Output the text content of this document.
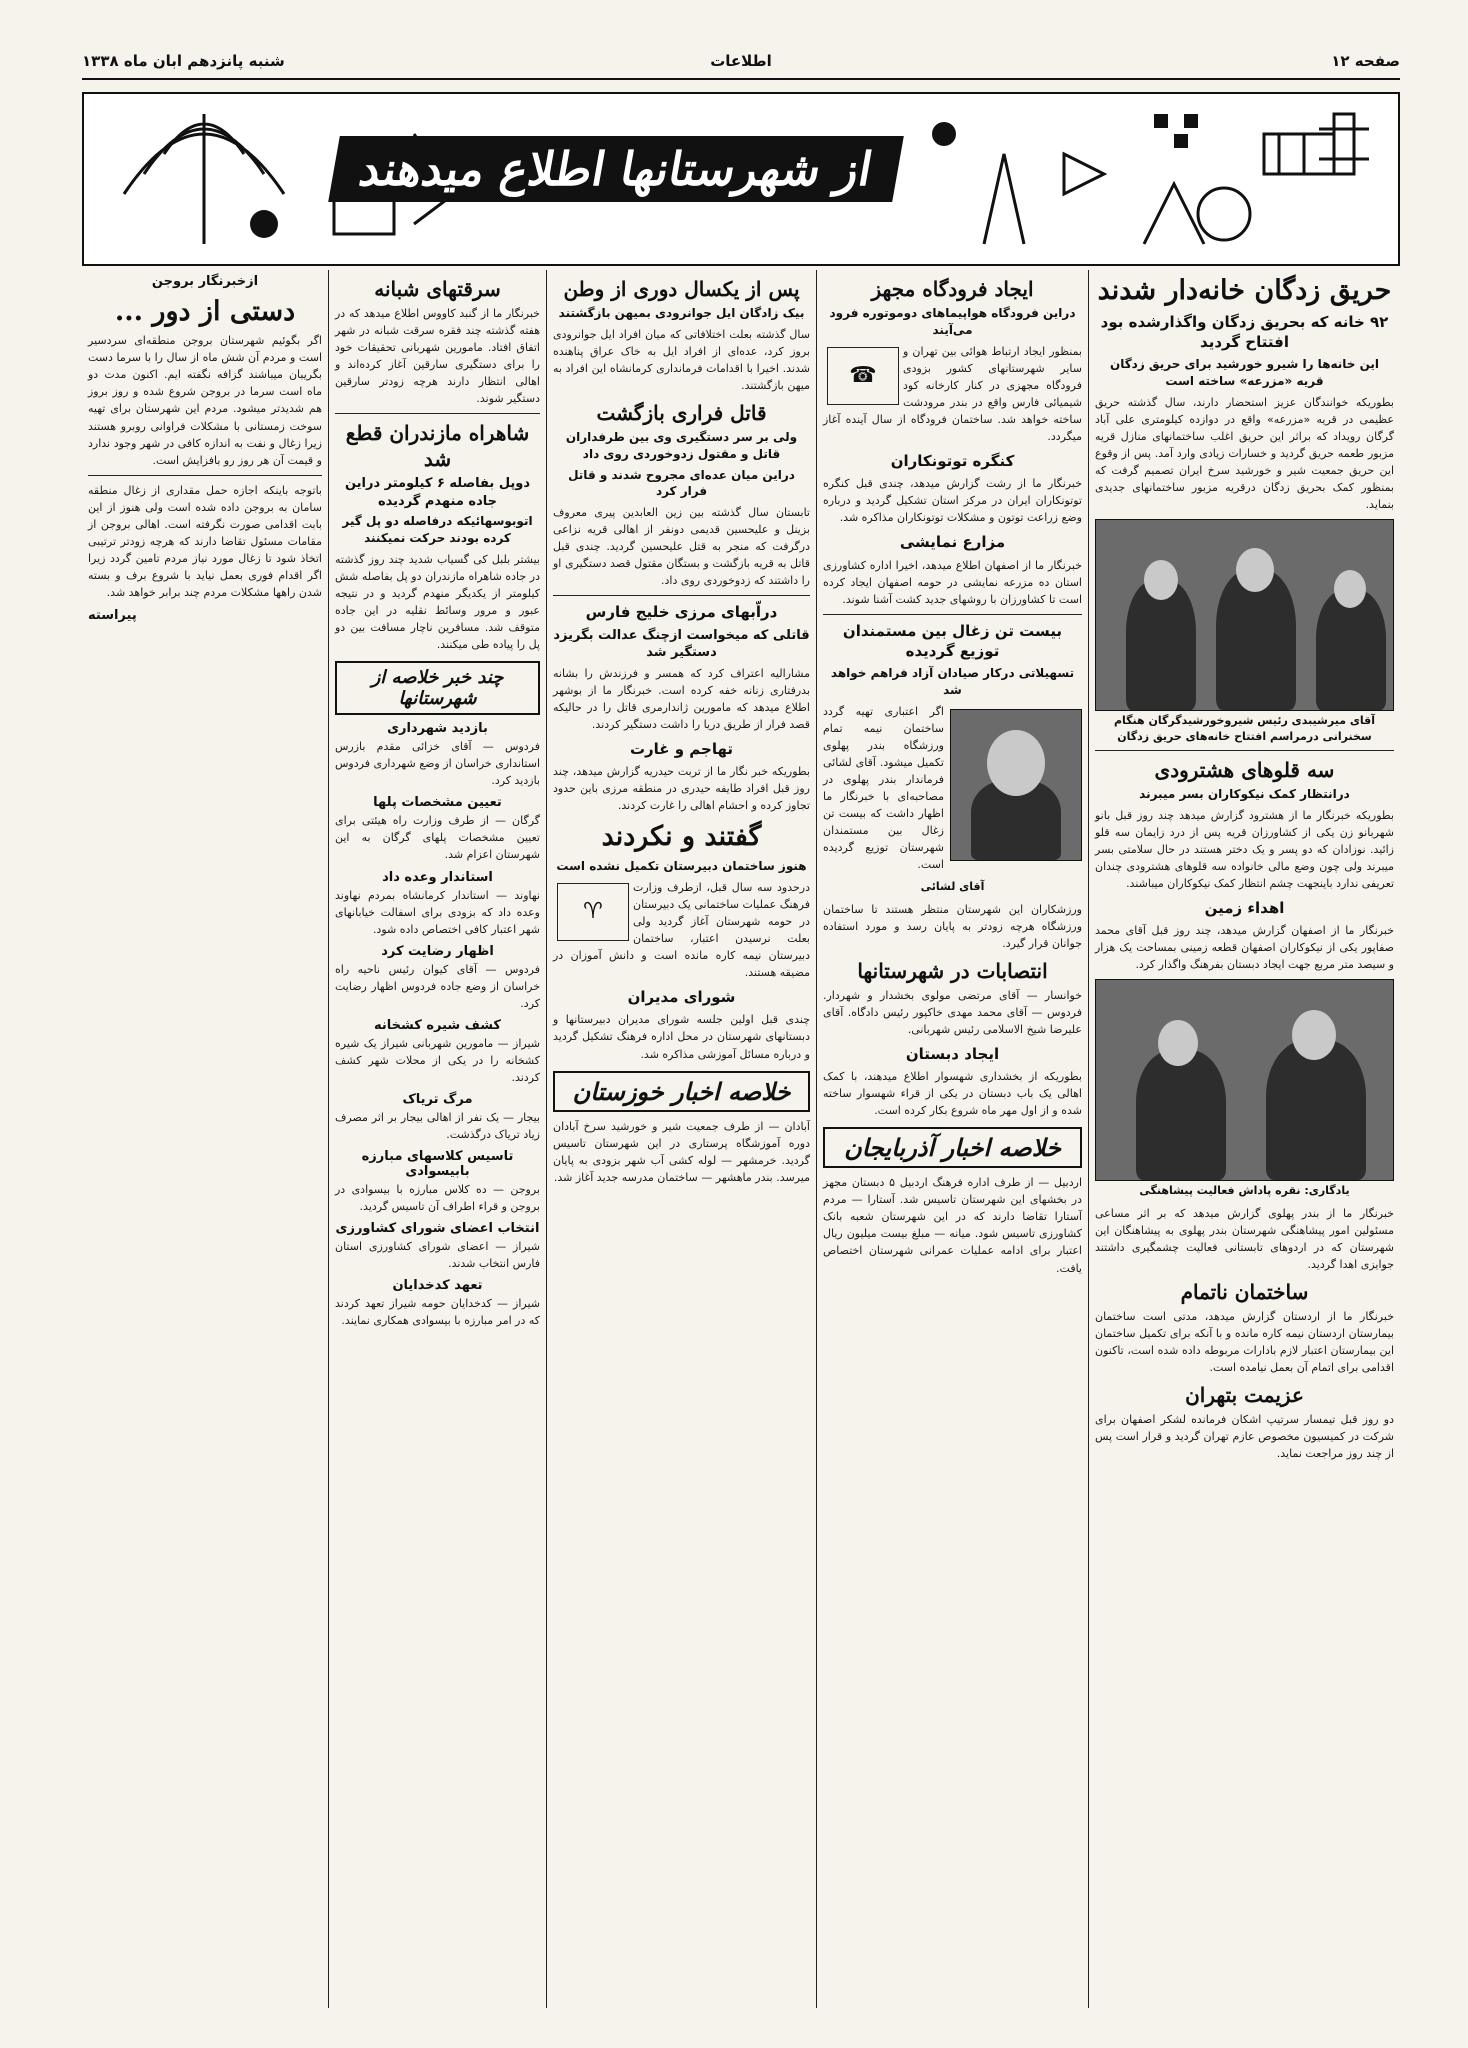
صفحه ۱۲
اطلاعات
شنبه پانزدهم ابان ماه ۱۳۳۸
از شهرستانها اطلاع میدهند
حریق زدگان خانه‌دار شدند
۹۲ خانه که بحریق زدگان واگذارشده بود افتتاح گردید
این خانه‌ها را شیرو خورشید برای حریق زدگان قریه «مزرعه» ساخته است

بطوریکه خوانندگان عزیز استحضار دارند، سال گذشته حریق عظیمی در قریه «مزرعه» واقع در دوازده کیلومتری علی آباد گرگان رویداد که براثر این حریق اغلب ساختمانهای منازل قریه مزبور طعمه حریق گردید و خسارات زیادی وارد آمد. پس از وقوع این حریق جمعیت شیر و خورشید سرخ ایران تصمیم گرفت که بمنظور کمک بحریق زدگان درقریه مزبور ساختمانهای جدیدی بنماید.

آقای میرشیبدی رئیس شیروخورشیدگرگان هنگام سخنرانی درمراسم افتتاح خانه‌های حریق زدگان
سه قلوهای هشترودی
درانتظار کمک نیکوکاران بسر میبرند

بطوریکه خبرنگار ما از هشترود گزارش میدهد چند روز قبل بانو شهربانو زن یکی از کشاورزان قریه پس از درد زایمان سه قلو زائید. نوزادان که دو پسر و یک دختر هستند در حال سلامتی بسر میبرند ولی چون وضع مالی خانواده سه قلوهای هشترودی چندان تعریفی ندارد باینجهت چشم انتظار کمک نیکوکاران میباشند.

اهداء زمین

خبرنگار ما از اصفهان گزارش میدهد، چند روز قبل آقای محمد صفاپور یکی از نیکوکاران اصفهان قطعه زمینی بمساحت یک هزار و سیصد متر مربع جهت ایجاد دبستان بفرهنگ واگذار کرد.

یادگاری: نقره پاداش فعالیت پیشاهنگی

خبرنگار ما از بندر پهلوی گزارش میدهد که بر اثر مساعی مسئولین امور پیشاهنگی شهرستان بندر پهلوی به پیشاهنگان این شهرستان که در اردوهای تابستانی فعالیت چشمگیری داشتند جوایزی اهدا گردید.

ساختمان ناتمام

خبرنگار ما از اردستان گزارش میدهد، مدتی است ساختمان بیمارستان اردستان نیمه کاره مانده و با آنکه برای تکمیل ساختمان این بیمارستان اعتبار لازم بادارات مربوطه داده شده است، تاکنون اقدامی برای اتمام آن بعمل نیامده است.

عزیمت بتهران

دو روز قبل تیمسار سرتیپ اشکان فرمانده لشکر اصفهان برای شرکت در کمیسیون مخصوص عازم تهران گردید و قرار است پس از چند روز مراجعت نماید.

ایجاد فرودگاه مجهز
دراین فرودگاه هواپیماهای دوموتوره فرود می‌آیند
☎

بمنظور ایجاد ارتباط هوائی بین تهران و سایر شهرستانهای کشور بزودی فرودگاه مجهزی در کنار کارخانه کود شیمیائی فارس واقع در بندر مرودشت ساخته خواهد شد. ساختمان فرودگاه از سال آینده آغاز میگردد.

کنگره توتونکاران

خبرنگار ما از رشت گزارش میدهد، چندی قبل کنگره توتونکاران ایران در مرکز استان تشکیل گردید و درباره وضع زراعت توتون و مشکلات توتونکاران مذاکره شد.

مزارع نمایشی

خبرنگار ما از اصفهان اطلاع میدهد، اخیرا اداره کشاورزی استان ده مزرعه نمایشی در حومه اصفهان ایجاد کرده است تا کشاورزان با روشهای جدید کشت آشنا شوند.

بیست تن زغال بین مستمندان توزیع گردیده
تسهیلاتی درکار صیادان آزاد فراهم خواهد شد

اگر اعتباری تهیه گردد ساختمان نیمه تمام ورزشگاه بندر پهلوی تکمیل میشود. آقای لشائی فرماندار بندر پهلوی در مصاحبه‌ای با خبرنگار ما اظهار داشت که بیست تن زغال بین مستمندان شهرستان توزیع گردیده است.

آقای لشائی

ورزشکاران این شهرستان منتظر هستند تا ساختمان ورزشگاه هرچه زودتر به پایان رسد و مورد استفاده جوانان قرار گیرد.

انتصابات در شهرستانها

خوانسار — آقای مرتضی مولوی بخشدار و شهردار. فردوس — آقای محمد مهدی خاکپور رئیس دادگاه. آقای علیرضا شیخ الاسلامی رئیس شهربانی.

ایجاد دبستان

بطوریکه از بخشداری شهسوار اطلاع میدهند، با کمک اهالی یک باب دبستان در یکی از قراء شهسوار ساخته شده و از اول مهر ماه شروع بکار کرده است.

خلاصه اخبار آذربایجان

اردبیل — از طرف اداره فرهنگ اردبیل ۵ دبستان مجهز در بخشهای این شهرستان تاسیس شد. آستارا — مردم آستارا تقاضا دارند که در این شهرستان شعبه بانک کشاورزی تاسیس شود. میانه — مبلغ بیست میلیون ریال اعتبار برای ادامه عملیات عمرانی شهرستان اختصاص یافت.

پس از یکسال دوری از وطن
بیک زادگان ایل جوانرودی بمیهن بازگشتند

سال گذشته بعلت اختلافاتی که میان افراد ایل جوانرودی بروز کرد، عده‌ای از افراد ایل به خاک عراق پناهنده شدند. اخیرا با اقدامات فرمانداری کرمانشاه این افراد به میهن بازگشتند.

قاتل فراری بازگشت
ولی بر سر دستگیری وی بین طرفداران قاتل و مقتول زدوخوردی روی داد
دراین میان عده‌ای مجروح شدند و قاتل فرار کرد

تابستان سال گذشته بین زین العابدین پیری معروف بزینل و علیحسین قدیمی دونفر از اهالی قریه نزاعی درگرفت که منجر به قتل علیحسین گردید. چندی قبل قاتل به قریه بازگشت و بستگان مقتول قصد دستگیری او را داشتند که زدوخوردی روی داد.

دراّبهای مرزی خلیج فارس
قاتلی که میخواست ازچنگ عدالت بگریزد دستگیر شد

مشارالیه اعتراف کرد که همسر و فرزندش را بشانه بدرفتاری زنانه خفه کرده است. خبرنگار ما از بوشهر اطلاع میدهد که مامورین ژاندارمری قاتل را در حالیکه قصد فرار از طریق دریا را داشت دستگیر کردند.

تهاجم و غارت

بطوریکه خبر نگار ما از تربت حیدریه گزارش میدهد، چند روز قبل افراد طایفه حیدری در منطقه مرزی باین حدود تجاوز کرده و احشام اهالی را غارت کردند.

گفتند و نکردند
هنوز ساختمان دبیرستان تکمیل نشده است
♈

درحدود سه سال قبل، ازطرف وزارت فرهنگ عملیات ساختمانی یک دبیرستان در حومه شهرستان آغاز گردید ولی بعلت نرسیدن اعتبار، ساختمان دبیرستان نیمه کاره مانده است و دانش آموزان در مضیقه هستند.

شورای مدیران

چندی قبل اولین جلسه شورای مدیران دبیرستانها و دبستانهای شهرستان در محل اداره فرهنگ تشکیل گردید و درباره مسائل آموزشی مذاکره شد.

خلاصه اخبار خوزستان

آبادان — از طرف جمعیت شیر و خورشید سرخ آبادان دوره آموزشگاه پرستاری در این شهرستان تاسیس گردید. خرمشهر — لوله کشی آب شهر بزودی به پایان میرسد. بندر ماهشهر — ساختمان مدرسه جدید آغاز شد.

سرقتهای شبانه

خبرنگار ما از گنبد کاووس اطلاع میدهد که در هفته گذشته چند فقره سرقت شبانه در شهر اتفاق افتاد. مامورین شهربانی تحقیقات خود را برای دستگیری سارقین آغاز کرده‌اند و اهالی انتظار دارند هرچه زودتر سارقین دستگیر شوند.

شاهراه مازندران قطع شد
دوپل بفاصله ۶ کیلومتر دراین جاده منهدم گردیده
اتوبوسهائیکه درفاصله دو پل گیر کرده بودند حرکت نمیکنند

بیشتر بلبل کی گسیاب شدید چند روز گذشته در جاده شاهراه مازندران دو پل بفاصله شش کیلومتر از یکدیگر منهدم گردید و در نتیجه عبور و مرور وسائط نقلیه در این جاده متوقف شد. مسافرین ناچار مسافت بین دو پل را پیاده طی میکنند.

چند خبر خلاصه از شهرستانها
بازدید شهرداری

فردوس — آقای خزائی مقدم بازرس استانداری خراسان از وضع شهرداری فردوس بازدید کرد.

تعیین مشخصات پلها

گرگان — از طرف وزارت راه هیئتی برای تعیین مشخصات پلهای گرگان به این شهرستان اعزام شد.

استاندار وعده داد

نهاوند — استاندار کرمانشاه بمردم نهاوند وعده داد که بزودی برای اسفالت خیابانهای شهر اعتبار کافی اختصاص داده شود.

اظهار رضایت کرد

فردوس — آقای کیوان رئیس ناحیه راه خراسان از وضع جاده فردوس اظهار رضایت کرد.

کشف شیره کشخانه

شیراز — مامورین شهربانی شیراز یک شیره کشخانه را در یکی از محلات شهر کشف کردند.

مرگ تریاک

بیجار — یک نفر از اهالی بیجار بر اثر مصرف زیاد تریاک درگذشت.

تاسیس کلاسهای مبارزه بابیسوادی

بروجن — ده کلاس مبارزه با بیسوادی در بروجن و قراء اطراف آن تاسیس گردید.

انتخاب اعضای شورای کشاورزی

شیراز — اعضای شورای کشاورزی استان فارس انتخاب شدند.

تعهد کدخدایان

شیراز — کدخدایان حومه شیراز تعهد کردند که در امر مبارزه با بیسوادی همکاری نمایند.

ازخبرنگار بروجن
دستی از دور ...

اگر بگوئیم شهرستان بروجن منطقه‌ای سردسیر است و مردم آن شش ماه از سال را با سرما دست بگریبان میباشند گزافه نگفته ایم. اکنون مدت دو ماه است سرما در بروجن شروع شده و روز بروز هم شدیدتر میشود. مردم این شهرستان برای تهیه سوخت زمستانی با مشکلات فراوانی روبرو هستند زیرا زغال و نفت به اندازه کافی در شهر وجود ندارد و قیمت آن هر روز رو بافزایش است.

باتوجه باینکه اجازه حمل مقداری از زغال منطقه سامان به بروجن داده شده است ولی هنوز از این بابت اقدامی صورت نگرفته است. اهالی بروجن از مقامات مسئول تقاضا دارند که هرچه زودتر ترتیبی اتخاذ شود تا زغال مورد نیاز مردم تامین گردد زیرا اگر اقدام فوری بعمل نیاید با شروع برف و بسته شدن راهها مشکلات مردم چند برابر خواهد شد.

پیراسته
